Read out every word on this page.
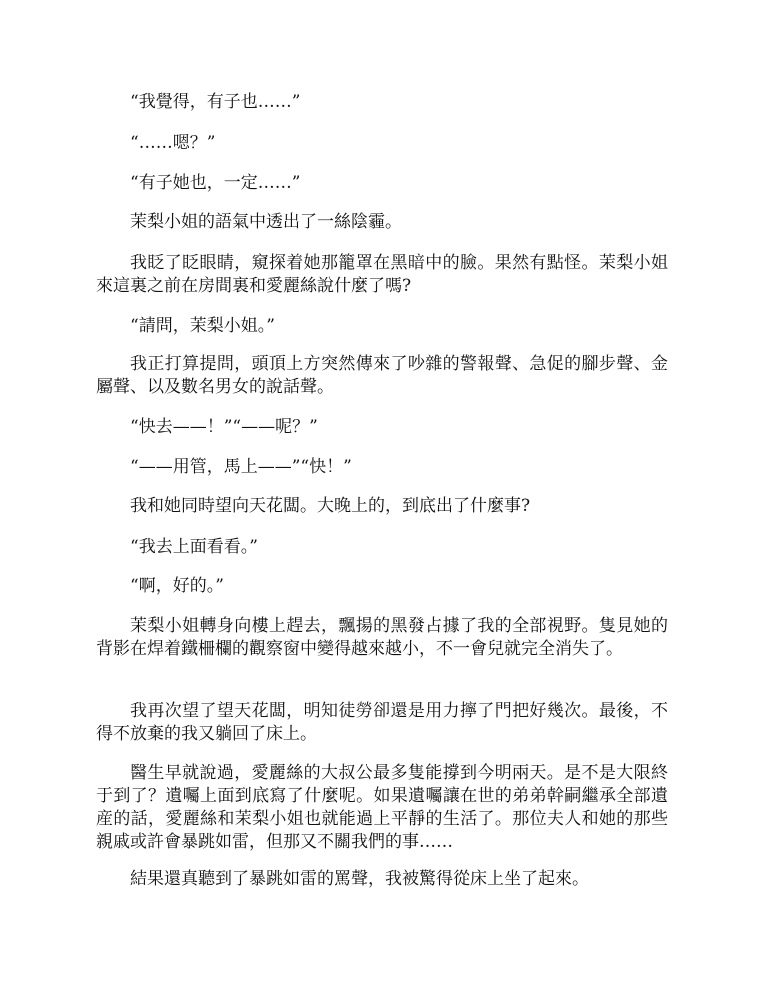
“我覺得，有子也……”

“……嗯？”

“有子她也，一定……”

茉梨小姐的語氣中透出了一絲陰霾。

我眨了眨眼睛，窺探着她那籠罩在黑暗中的臉。果然有點怪。茉梨小姐來這裏之前在房間裏和愛麗絲說什麼了嗎?

“請問，茉梨小姐。”

我正打算提問，頭頂上方突然傳來了吵雜的警報聲、急促的腳步聲、金屬聲、以及數名男女的說話聲。

“快去——！”“——呢？”

“——用管，馬上——”“快！”

我和她同時望向天花闆。大晚上的，到底出了什麼事?

“我去上面看看。”

“啊，好的。”

茉梨小姐轉身向樓上趕去，飄揚的黑發占據了我的全部視野。隻見她的背影在焊着鐵柵欄的觀察窗中變得越來越小，不一會兒就完全消失了。

我再次望了望天花闆，明知徒勞卻還是用力擰了門把好幾次。最後，不得不放棄的我又躺回了床上。

醫生早就說過，愛麗絲的大叔公最多隻能撐到今明兩天。是不是大限終于到了？遺囑上面到底寫了什麼呢。如果遺囑讓在世的弟弟幹嗣繼承全部遺産的話，愛麗絲和茉梨小姐也就能過上平靜的生活了。那位夫人和她的那些親戚或許會暴跳如雷，但那又不關我們的事……

結果還真聽到了暴跳如雷的罵聲，我被驚得從床上坐了起來。
